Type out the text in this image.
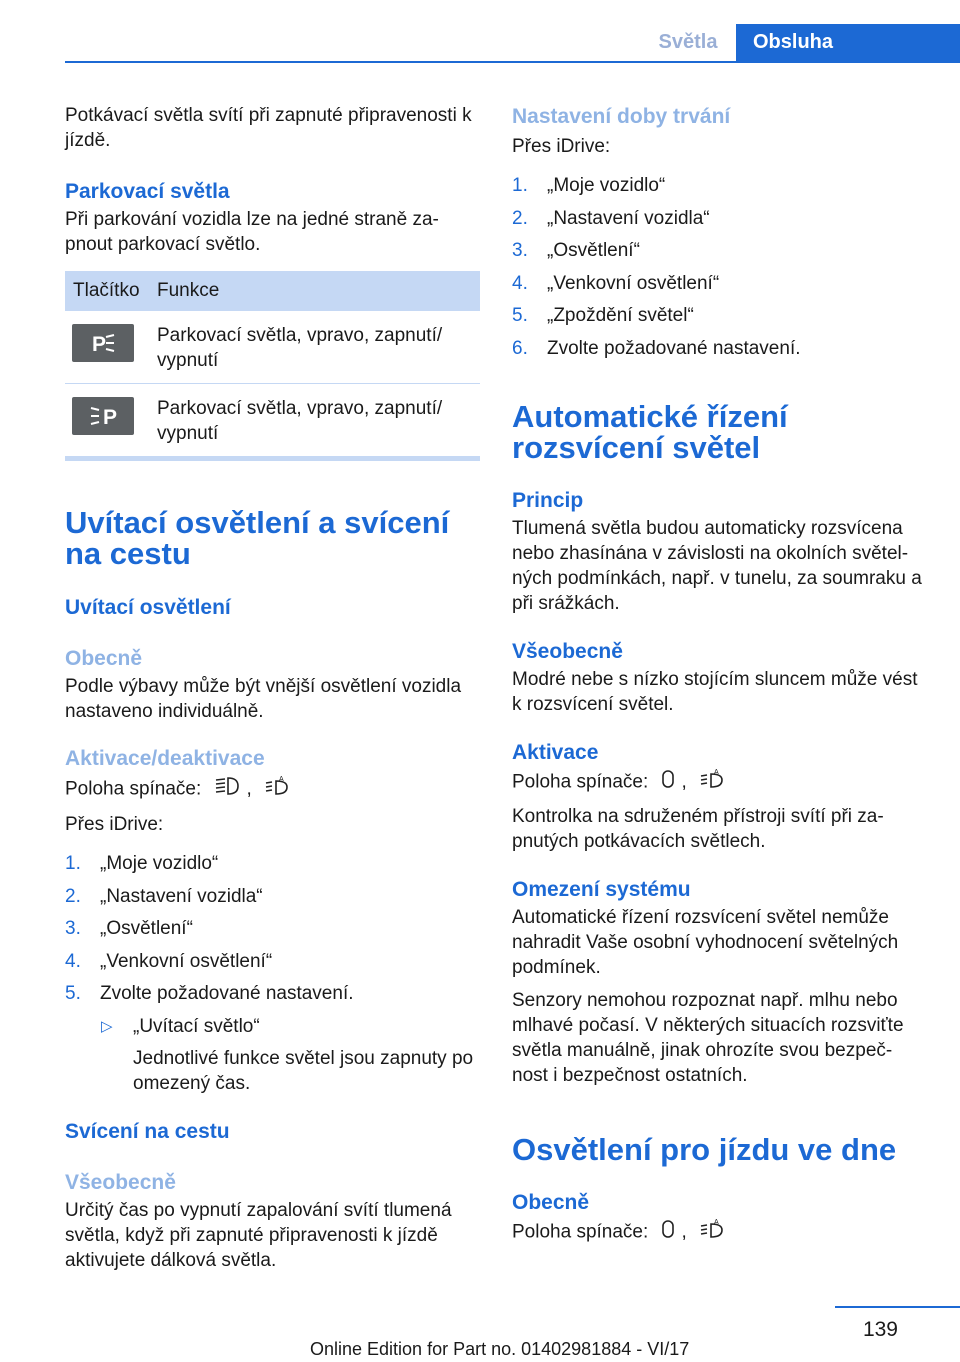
Světla	Obsluha

Potkávací světla svítí při zapnuté připravenosti k jízdě.

Parkovací světla

Při parkování vozidla lze na jedné straně za‐ pnout parkovací světlo.

Tlačítko	Funkce

P	Parkovací světla, vpravo, zapnutí/ vypnutí

P	Parkovací světla, vpravo, zapnutí/ vypnutí
Uvítací osvětlení a svícení na cestu
Uvítací osvětlení
Obecně

Podle výbavy může být vnější osvětlení vozidla nastaveno individuálně.

Aktivace/deaktivace

Poloha spínače: ,	A

Přes iDrive:

1. „Moje vozidlo“
2. „Nastavení vozidla“
3. „Osvětlení“
4. „Venkovní osvětlení“
5. Zvolte požadované nastavení.
▷ „Uvítací světlo“
Jednotlivé funkce světel jsou zapnuty po omezený čas.
Svícení na cestu
Všeobecně

Určitý čas po vypnutí zapalování svítí tlumená světla, když při zapnuté připravenosti k jízdě aktivujete dálková světla.

Nastavení doby trvání

Přes iDrive:

1. „Moje vozidlo“
2. „Nastavení vozidla“
3. „Osvětlení“
4. „Venkovní osvětlení“
5. „Zpoždění světel“
6. Zvolte požadované nastavení.
Automatické řízení rozsvícení světel
Princip

Tlumená světla budou automaticky rozsvícena nebo zhasínána v závislosti na okolních světel‐ ných podmínkách, např. v tunelu, za soumraku a při srážkách.

Všeobecně

Modré nebe s nízko stojícím sluncem může vést k rozsvícení světel.

Aktivace

Poloha spínače: ,	A

Kontrolka na sdruženém přístroji svítí při za‐ pnutých potkávacích světlech.

Omezení systému

Automatické řízení rozsvícení světel nemůže nahradit Vaše osobní vyhodnocení světelných podmínek.

Senzory nemohou rozpoznat např. mlhu nebo mlhavé počasí. V některých situacích rozsviťte světla manuálně, jinak ohrozíte svou bezpeč‐ nost i bezpečnost ostatních.

Osvětlení pro jízdu ve dne
Obecně

Poloha spínače: ,	A

139
Online Edition for Part no. 01402981884 - VI/17
